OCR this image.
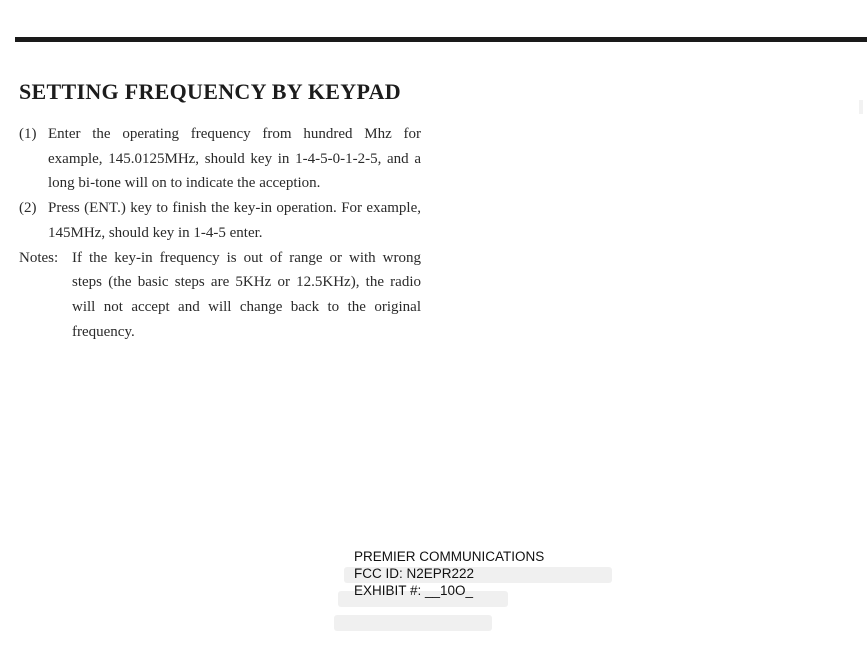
SETTING FREQUENCY BY KEYPAD
(1) Enter the operating frequency from hundred Mhz for example, 145.0125MHz, should key in 1-4-5-0-1-2-5, and a long bi-tone will on to indicate the acception.
(2) Press (ENT.) key to finish the key-in operation. For example, 145MHz, should key in 1-4-5 enter.
Notes: If the key-in frequency is out of range or with wrong steps (the basic steps are 5KHz or 12.5KHz), the radio will not accept and will change back to the original frequency.
PREMIER COMMUNICATIONS
FCC ID: N2EPR222
EXHIBIT #: __10O_
